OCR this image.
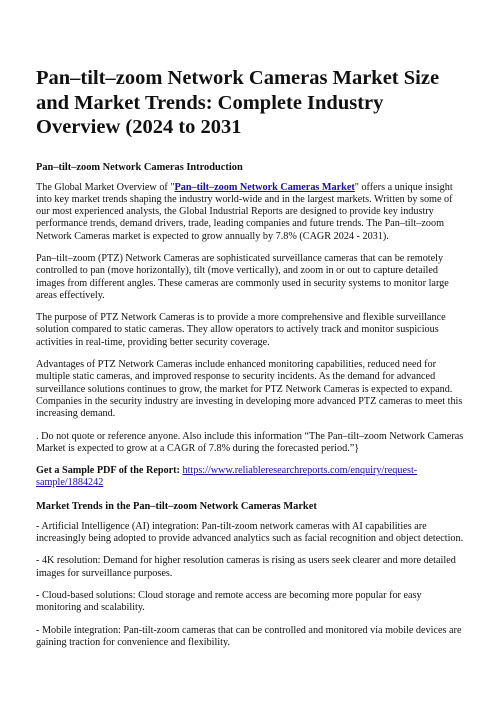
Pan–tilt–zoom Network Cameras Market Size and Market Trends: Complete Industry Overview (2024 to 2031
Pan–tilt–zoom Network Cameras Introduction

The Global Market Overview of "Pan–tilt–zoom Network Cameras Market" offers a unique insight into key market trends shaping the industry world-wide and in the largest markets. Written by some of our most experienced analysts, the Global Industrial Reports are designed to provide key industry performance trends, demand drivers, trade, leading companies and future trends. The Pan–tilt–zoom Network Cameras market is expected to grow annually by 7.8% (CAGR 2024 - 2031).

Pan–tilt–zoom (PTZ) Network Cameras are sophisticated surveillance cameras that can be remotely controlled to pan (move horizontally), tilt (move vertically), and zoom in or out to capture detailed images from different angles. These cameras are commonly used in security systems to monitor large areas effectively.

The purpose of PTZ Network Cameras is to provide a more comprehensive and flexible surveillance solution compared to static cameras. They allow operators to actively track and monitor suspicious activities in real-time, providing better security coverage.

Advantages of PTZ Network Cameras include enhanced monitoring capabilities, reduced need for multiple static cameras, and improved response to security incidents. As the demand for advanced surveillance solutions continues to grow, the market for PTZ Network Cameras is expected to expand. Companies in the security industry are investing in developing more advanced PTZ cameras to meet this increasing demand.

. Do not quote or reference anyone. Also include this information “The Pan–tilt–zoom Network Cameras Market is expected to grow at a CAGR of 7.8% during the forecasted period.”}

Get a Sample PDF of the Report: https://www.reliableresearchreports.com/enquiry/request-sample/1884242

Market Trends in the Pan–tilt–zoom Network Cameras Market

- Artificial Intelligence (AI) integration: Pan-tilt-zoom network cameras with AI capabilities are increasingly being adopted to provide advanced analytics such as facial recognition and object detection.

- 4K resolution: Demand for higher resolution cameras is rising as users seek clearer and more detailed images for surveillance purposes.

- Cloud-based solutions: Cloud storage and remote access are becoming more popular for easy monitoring and scalability.

- Mobile integration: Pan-tilt-zoom cameras that can be controlled and monitored via mobile devices are gaining traction for convenience and flexibility.
